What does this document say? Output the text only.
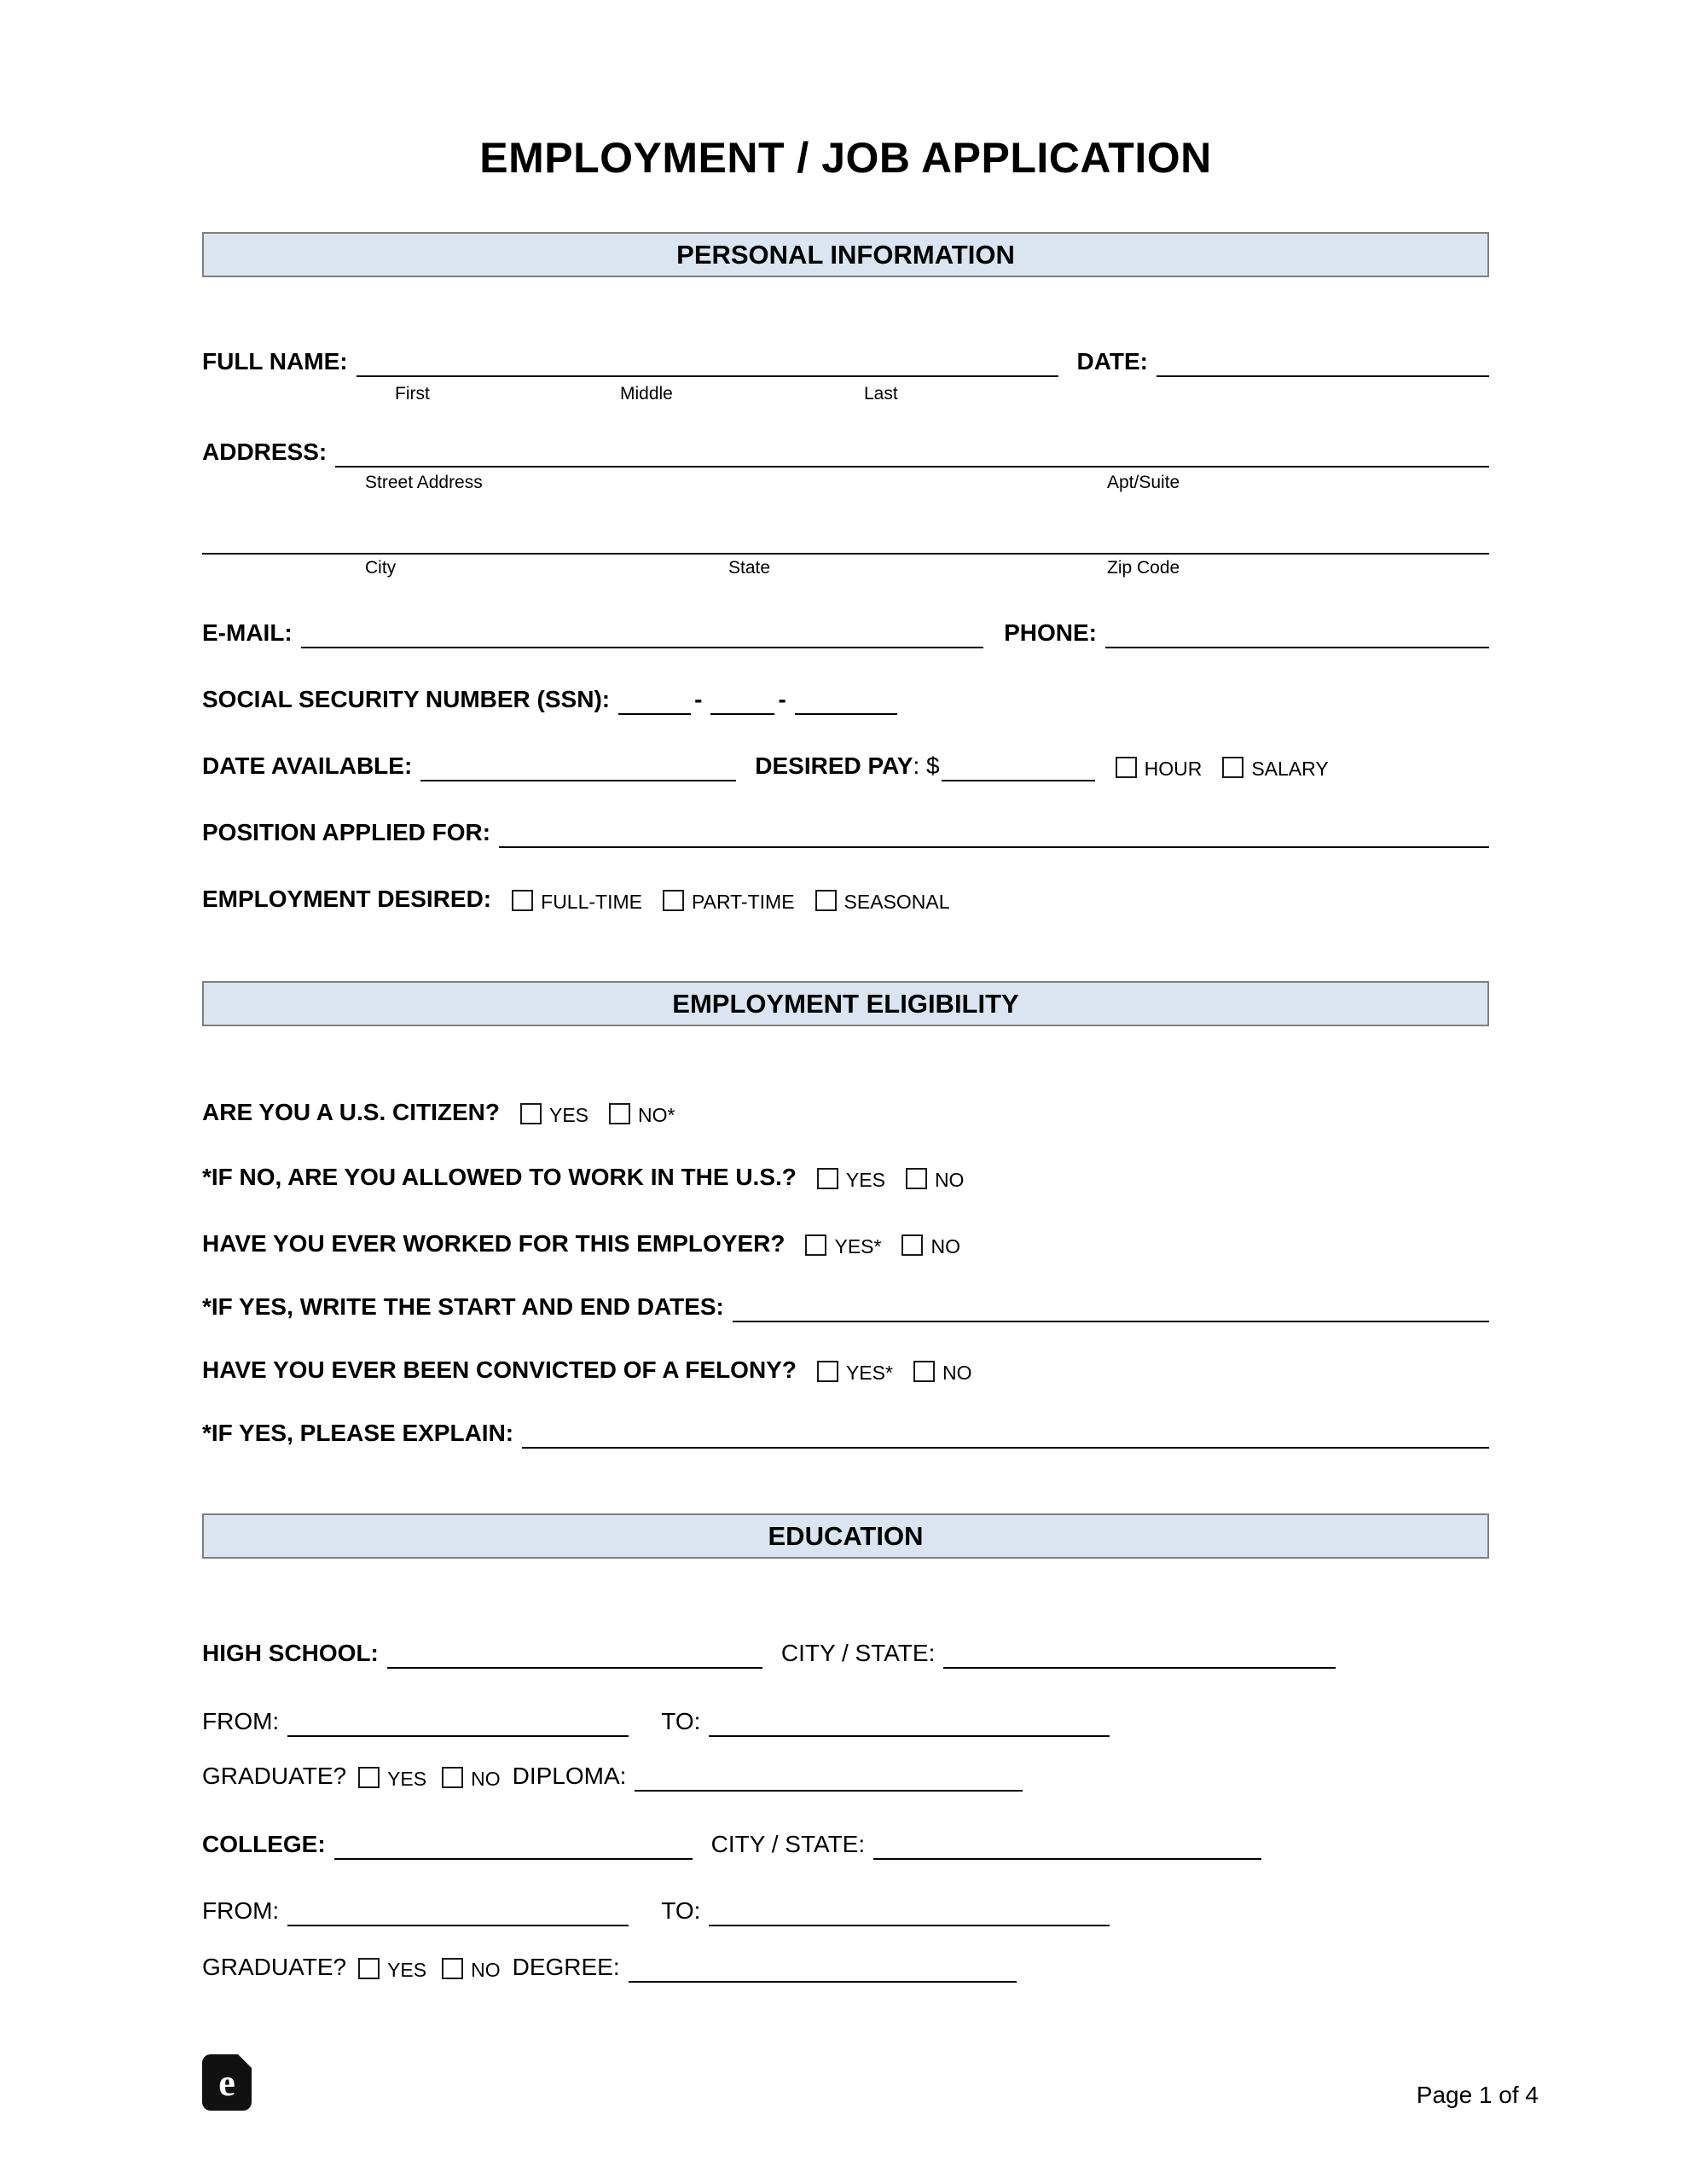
EMPLOYMENT / JOB APPLICATION
PERSONAL INFORMATION
FULL NAME:	DATE:
First	Middle	Last
ADDRESS:
Street Address	Apt/Suite
City	State	Zip Code
E-MAIL:	PHONE:
SOCIAL SECURITY NUMBER (SSN):	-	-
DATE AVAILABLE:	DESIRED PAY : $	HOUR	SALARY
POSITION APPLIED FOR:
EMPLOYMENT DESIRED:	FULL-TIME	PART-TIME	SEASONAL
EMPLOYMENT ELIGIBILITY
ARE YOU A U.S. CITIZEN?	YES	NO*
*IF NO, ARE YOU ALLOWED TO WORK IN THE U.S.?	YES	NO
HAVE YOU EVER WORKED FOR THIS EMPLOYER?	YES*	NO
*IF YES, WRITE THE START AND END DATES:
HAVE YOU EVER BEEN CONVICTED OF A FELONY?	YES*	NO
*IF YES, PLEASE EXPLAIN:
EDUCATION
HIGH SCHOOL:	CITY / STATE:
FROM:	TO:
GRADUATE? YES NO DIPLOMA:
COLLEGE:	CITY / STATE:
FROM:	TO:
GRADUATE? YES NO DEGREE:
e	Page 1 of 4
